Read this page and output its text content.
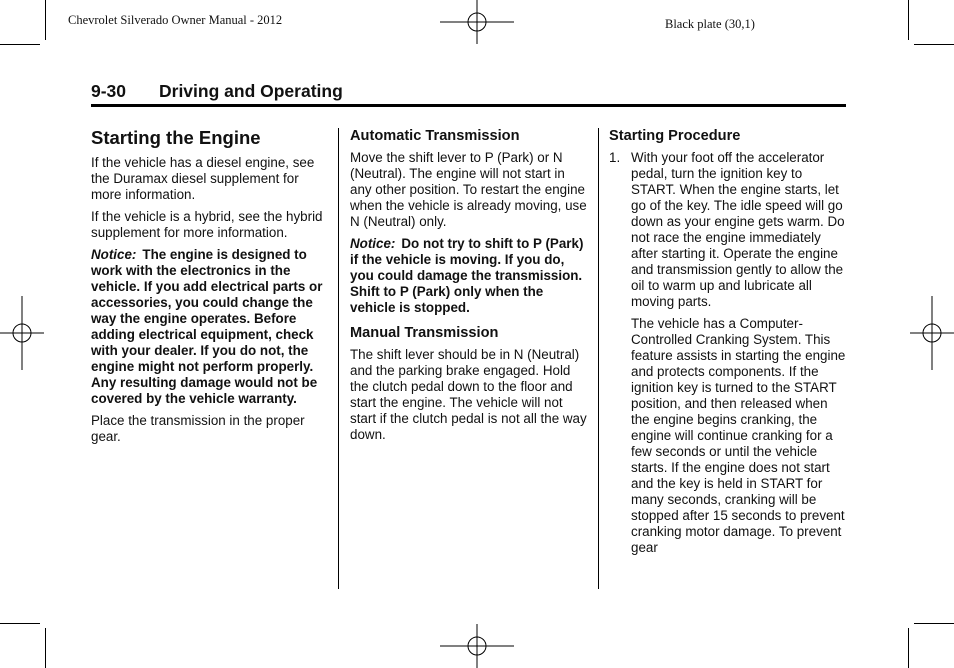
Chevrolet Silverado Owner Manual - 2012	Black plate (30,1)
9-30 Driving and Operating
Starting the Engine

If the vehicle has a diesel engine, see the Duramax diesel supplement for more information.

If the vehicle is a hybrid, see the hybrid supplement for more information.

Notice: The engine is designed to work with the electronics in the vehicle. If you add electrical parts or accessories, you could change the way the engine operates. Before adding electrical equipment, check with your dealer. If you do not, the engine might not perform properly. Any resulting damage would not be covered by the vehicle warranty.

Place the transmission in the proper gear.

Automatic Transmission

Move the shift lever to P (Park) or N (Neutral). The engine will not start in any other position. To restart the engine when the vehicle is already moving, use N (Neutral) only.

Notice: Do not try to shift to P (Park) if the vehicle is moving. If you do, you could damage the transmission. Shift to P (Park) only when the vehicle is stopped.

Manual Transmission

The shift lever should be in N (Neutral) and the parking brake engaged. Hold the clutch pedal down to the floor and start the engine. The vehicle will not start if the clutch pedal is not all the way down.

Starting Procedure

1. With your foot off the accelerator pedal, turn the ignition key to START. When the engine starts, let go of the key. The idle speed will go down as your engine gets warm. Do not race the engine immediately after starting it. Operate the engine and transmission gently to allow the oil to warm up and lubricate all moving parts.

The vehicle has a Computer-Controlled Cranking System. This feature assists in starting the engine and protects components. If the ignition key is turned to the START position, and then released when the engine begins cranking, the engine will continue cranking for a few seconds or until the vehicle starts. If the engine does not start and the key is held in START for many seconds, cranking will be stopped after 15 seconds to prevent cranking motor damage. To prevent gear
